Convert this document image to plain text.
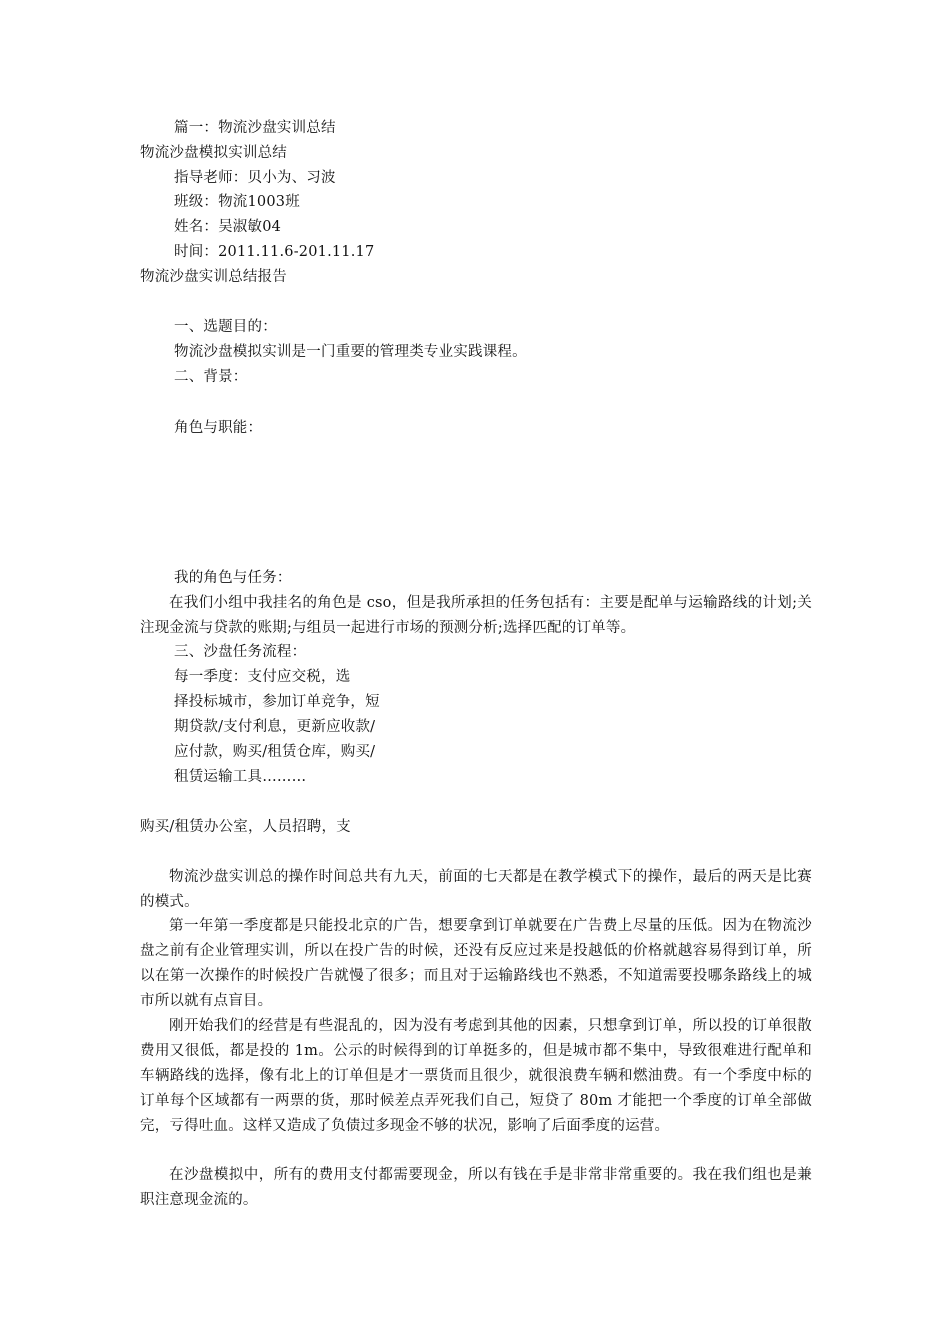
篇一：物流沙盘实训总结
物流沙盘模拟实训总结
指导老师：贝小为、习波
班级：物流1003班
姓名：吴淑敏04
时间：2011.11.6-201.11.17
物流沙盘实训总结报告
一、选题目的：
物流沙盘模拟实训是一门重要的管理类专业实践课程。
二、背景：
角色与职能：
我的角色与任务：
在我们小组中我挂名的角色是 cso，但是我所承担的任务包括有：主要是配单与运输路线的计划;关注现金流与贷款的账期;与组员一起进行市场的预测分析;选择匹配的订单等。
三、沙盘任务流程：
每一季度：支付应交税，选
择投标城市，参加订单竞争，短
期贷款/支付利息，更新应收款/
应付款，购买/租赁仓库，购买/
租赁运输工具………
购买/租赁办公室，人员招聘，支
物流沙盘实训总的操作时间总共有九天，前面的七天都是在教学模式下的操作，最后的两天是比赛的模式。
第一年第一季度都是只能投北京的广告，想要拿到订单就要在广告费上尽量的压低。因为在物流沙盘之前有企业管理实训，所以在投广告的时候，还没有反应过来是投越低的价格就越容易得到订单，所以在第一次操作的时候投广告就慢了很多；而且对于运输路线也不熟悉，不知道需要投哪条路线上的城市所以就有点盲目。
刚开始我们的经营是有些混乱的，因为没有考虑到其他的因素，只想拿到订单，所以投的订单很散费用又很低，都是投的 1m。公示的时候得到的订单挺多的，但是城市都不集中，导致很难进行配单和车辆路线的选择，像有北上的订单但是才一票货而且很少，就很浪费车辆和燃油费。有一个季度中标的订单每个区域都有一两票的货，那时候差点弄死我们自己，短贷了 80m 才能把一个季度的订单全部做完，亏得吐血。这样又造成了负债过多现金不够的状况，影响了后面季度的运营。
在沙盘模拟中，所有的费用支付都需要现金，所以有钱在手是非常非常重要的。我在我们组也是兼职注意现金流的。
